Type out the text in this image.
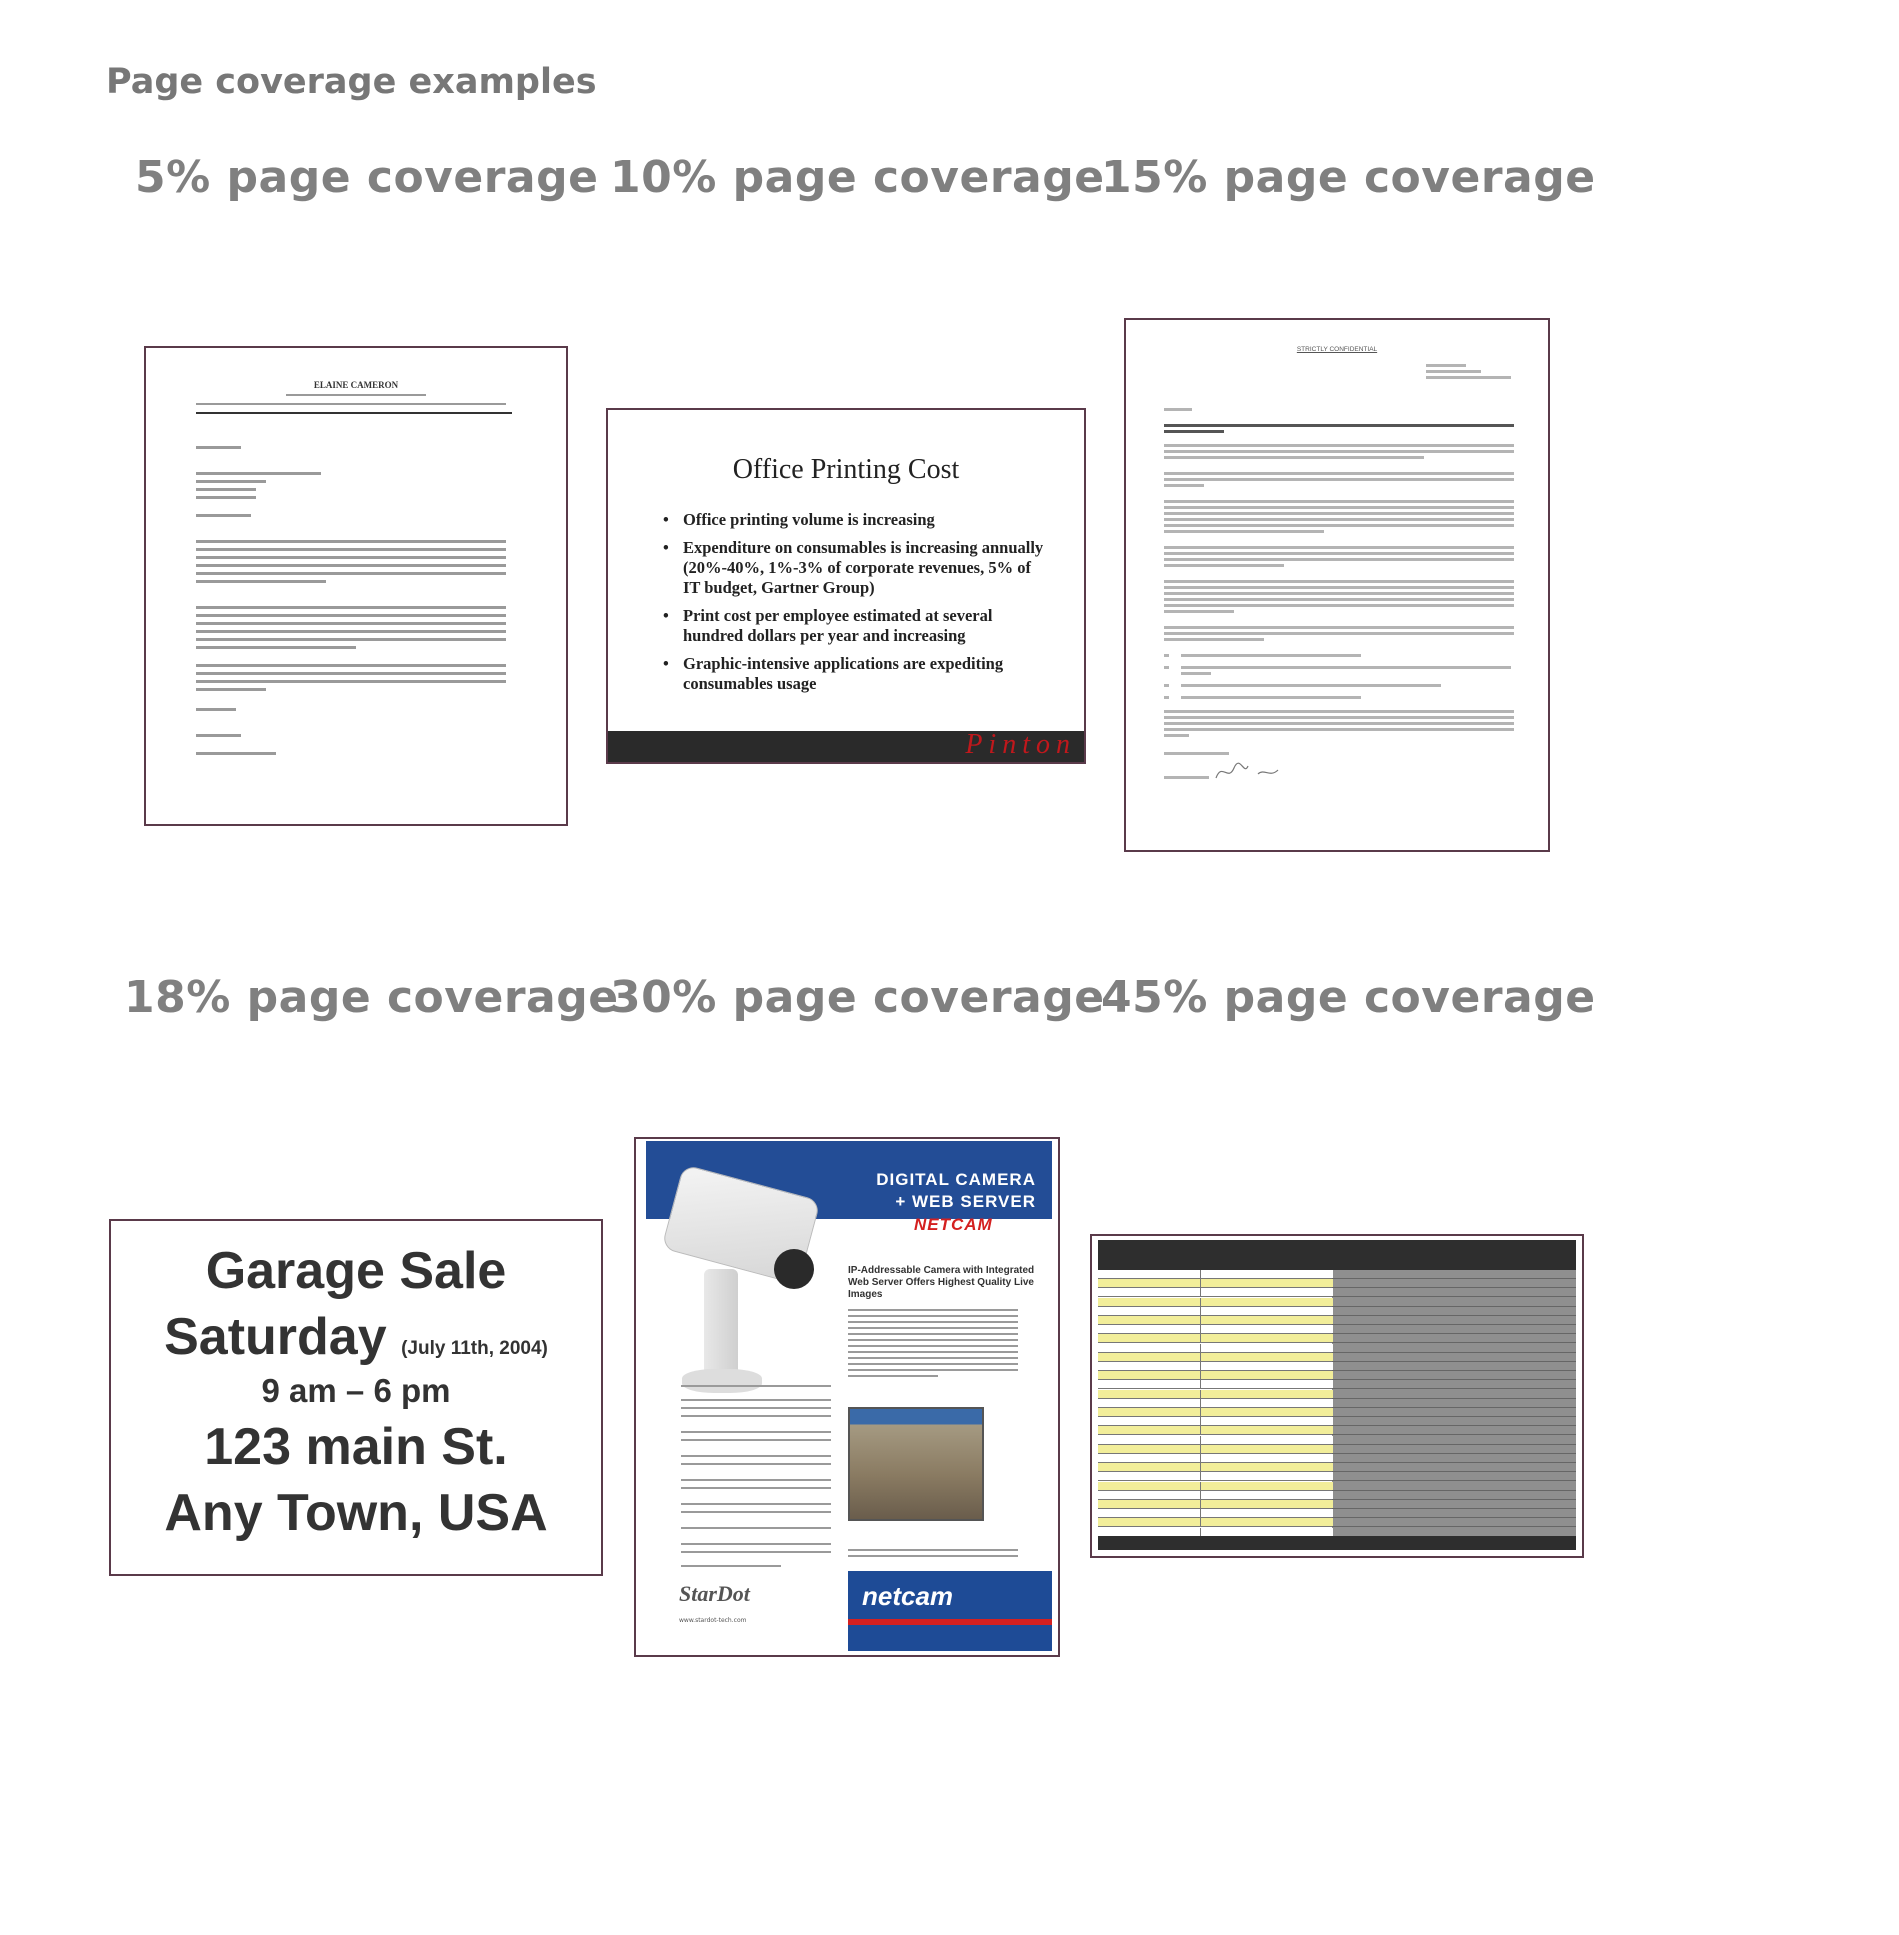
Page coverage examples
5% page coverage 10% page coverage
15% page coverage
ELAINE CAMERON
Office Printing Cost
• Office printing volume is increasing
• Expenditure on consumables is increasing annually (20%-40%, 1%-3% of corporate revenues, 5% of IT budget, Gartner Group)
• Print cost per employee estimated at several hundred dollars per year and increasing
• Graphic-intensive applications are expediting consumables usage
Pinton
STRICTLY CONFIDENTIAL
18% page coverage
30% page coverage
45% page coverage
Garage Sale
Saturday (July 11th, 2004)
9 am – 6 pm
123 main St.
Any Town, USA
DIGITAL CAMERA
+ WEB SERVER
NETCAM
IP-Addressable Camera with Integrated Web Server Offers Highest Quality Live Images
StarDot
www.stardot-tech.com
netcam
